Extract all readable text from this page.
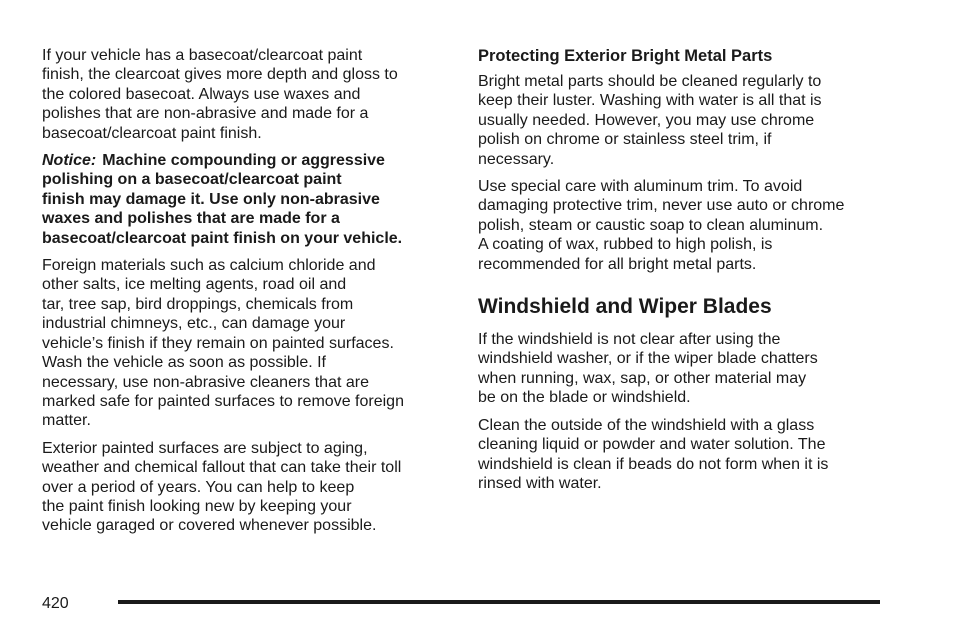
If your vehicle has a basecoat/clearcoat paint
finish, the clearcoat gives more depth and gloss to
the colored basecoat. Always use waxes and
polishes that are non-abrasive and made for a
basecoat/clearcoat paint finish.

Notice: Machine compounding or aggressive
polishing on a basecoat/clearcoat paint
finish may damage it. Use only non-abrasive
waxes and polishes that are made for a
basecoat/clearcoat paint finish on your vehicle.

Foreign materials such as calcium chloride and
other salts, ice melting agents, road oil and
tar, tree sap, bird droppings, chemicals from
industrial chimneys, etc., can damage your
vehicle’s finish if they remain on painted surfaces.
Wash the vehicle as soon as possible. If
necessary, use non-abrasive cleaners that are
marked safe for painted surfaces to remove foreign
matter.

Exterior painted surfaces are subject to aging,
weather and chemical fallout that can take their toll
over a period of years. You can help to keep
the paint finish looking new by keeping your
vehicle garaged or covered whenever possible.

Protecting Exterior Bright Metal Parts

Bright metal parts should be cleaned regularly to
keep their luster. Washing with water is all that is
usually needed. However, you may use chrome
polish on chrome or stainless steel trim, if
necessary.

Use special care with aluminum trim. To avoid
damaging protective trim, never use auto or chrome
polish, steam or caustic soap to clean aluminum.
A coating of wax, rubbed to high polish, is
recommended for all bright metal parts.

Windshield and Wiper Blades

If the windshield is not clear after using the
windshield washer, or if the wiper blade chatters
when running, wax, sap, or other material may
be on the blade or windshield.

Clean the outside of the windshield with a glass
cleaning liquid or powder and water solution. The
windshield is clean if beads do not form when it is
rinsed with water.

420
